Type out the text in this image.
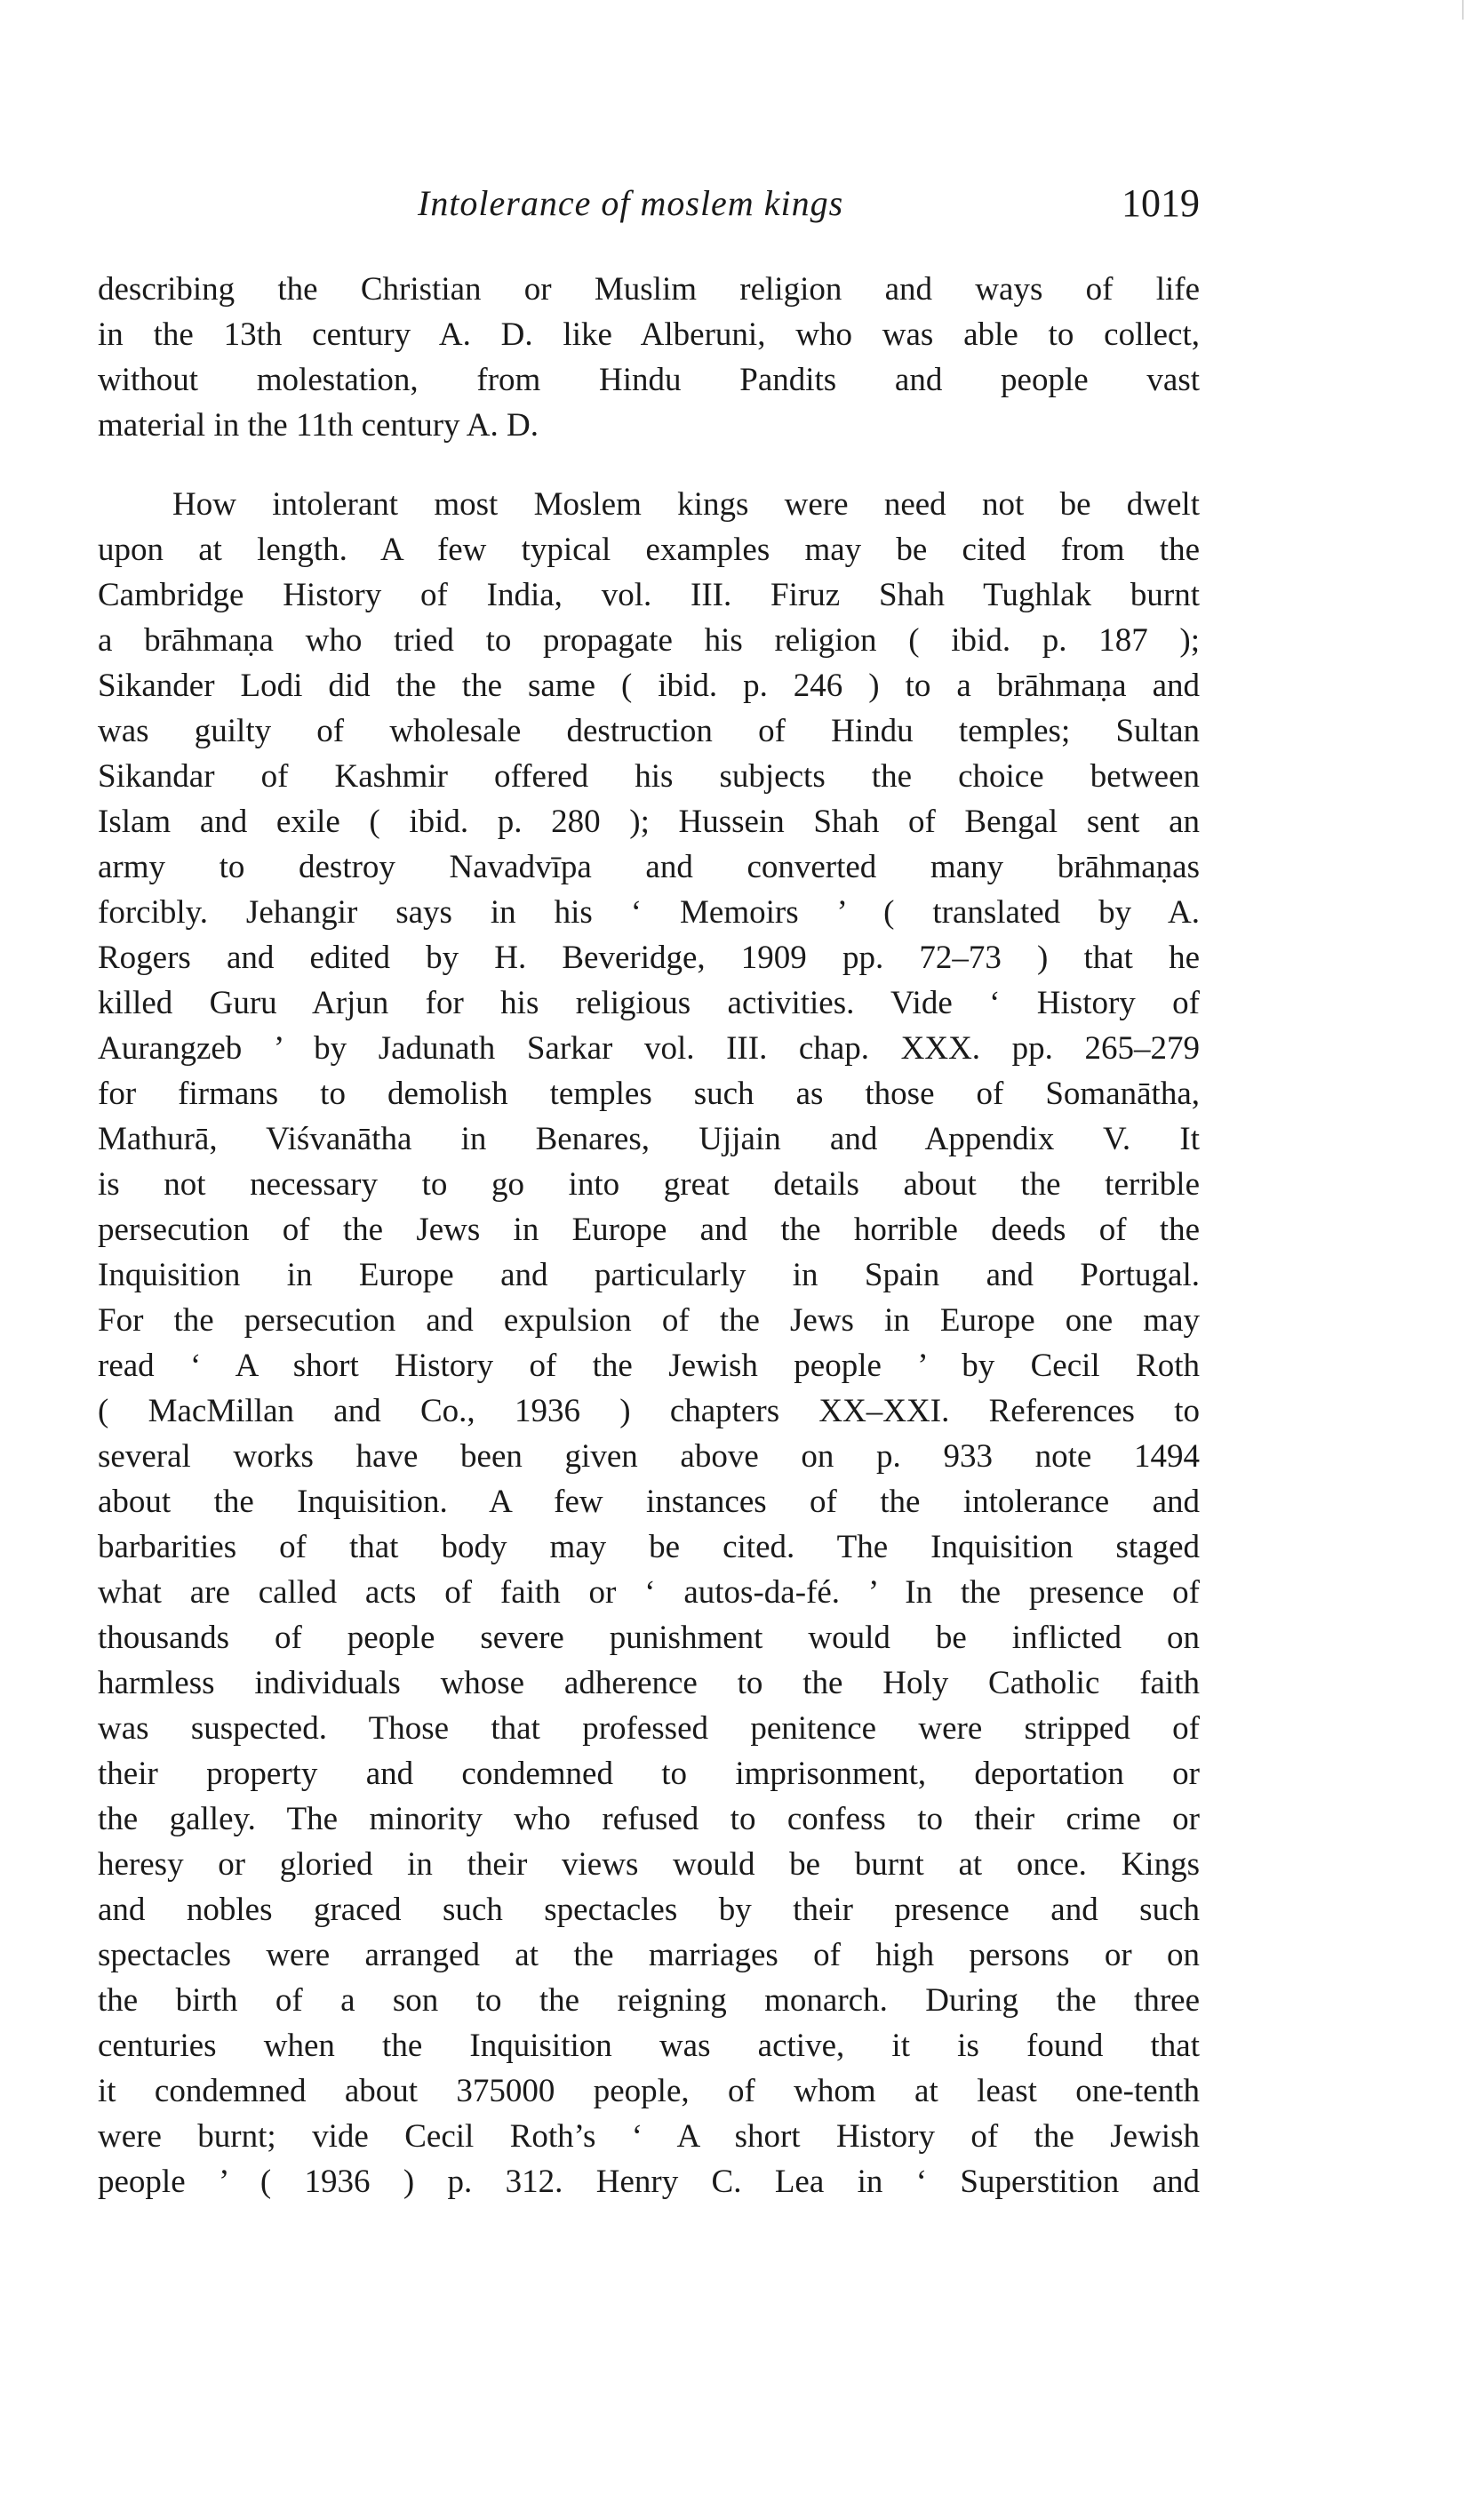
Intolerance of moslem kings	1019
describing the Christian or Muslim religion and ways of life
in the 13th century A. D. like Alberuni, who was able to collect,
without molestation, from Hindu Pandits and people vast
material in the 11th century A. D.
How intolerant most Moslem kings were need not be dwelt
upon at length. A few typical examples may be cited from the
Cambridge History of India, vol. III. Firuz Shah Tughlak burnt
a brāhmaṇa who tried to propagate his religion ( ibid. p. 187 );
Sikander Lodi did the the same ( ibid. p. 246 ) to a brāhmaṇa and
was guilty of wholesale destruction of Hindu temples; Sultan
Sikandar of Kashmir offered his subjects the choice between
Islam and exile ( ibid. p. 280 ); Hussein Shah of Bengal sent an
army to destroy Navadvīpa and converted many brāhmaṇas
forcibly. Jehangir says in his ‘ Memoirs ’ ( translated by A.
Rogers and edited by H. Beveridge, 1909 pp. 72–73 ) that he
killed Guru Arjun for his religious activities. Vide ‘ History of
Aurangzeb ’ by Jadunath Sarkar vol. III. chap. XXX. pp. 265–279
for firmans to demolish temples such as those of Somanātha,
Mathurā, Viśvanātha in Benares, Ujjain and Appendix V. It
is not necessary to go into great details about the terrible
persecution of the Jews in Europe and the horrible deeds of the
Inquisition in Europe and particularly in Spain and Portugal.
For the persecution and expulsion of the Jews in Europe one may
read ‘ A short History of the Jewish people ’ by Cecil Roth
( MacMillan and Co., 1936 ) chapters XX–XXI. References to
several works have been given above on p. 933 note 1494
about the Inquisition. A few instances of the intolerance and
barbarities of that body may be cited. The Inquisition staged
what are called acts of faith or ‘ autos-da-fé. ’ In the presence of
thousands of people severe punishment would be inflicted on
harmless individuals whose adherence to the Holy Catholic faith
was suspected. Those that professed penitence were stripped of
their property and condemned to imprisonment, deportation or
the galley. The minority who refused to confess to their crime or
heresy or gloried in their views would be burnt at once. Kings
and nobles graced such spectacles by their presence and such
spectacles were arranged at the marriages of high persons or on
the birth of a son to the reigning monarch. During the three
centuries when the Inquisition was active, it is found that
it condemned about 375000 people, of whom at least one-tenth
were burnt; vide Cecil Roth’s ‘ A short History of the Jewish
people ’ ( 1936 ) p. 312. Henry C. Lea in ‘ Superstition and
